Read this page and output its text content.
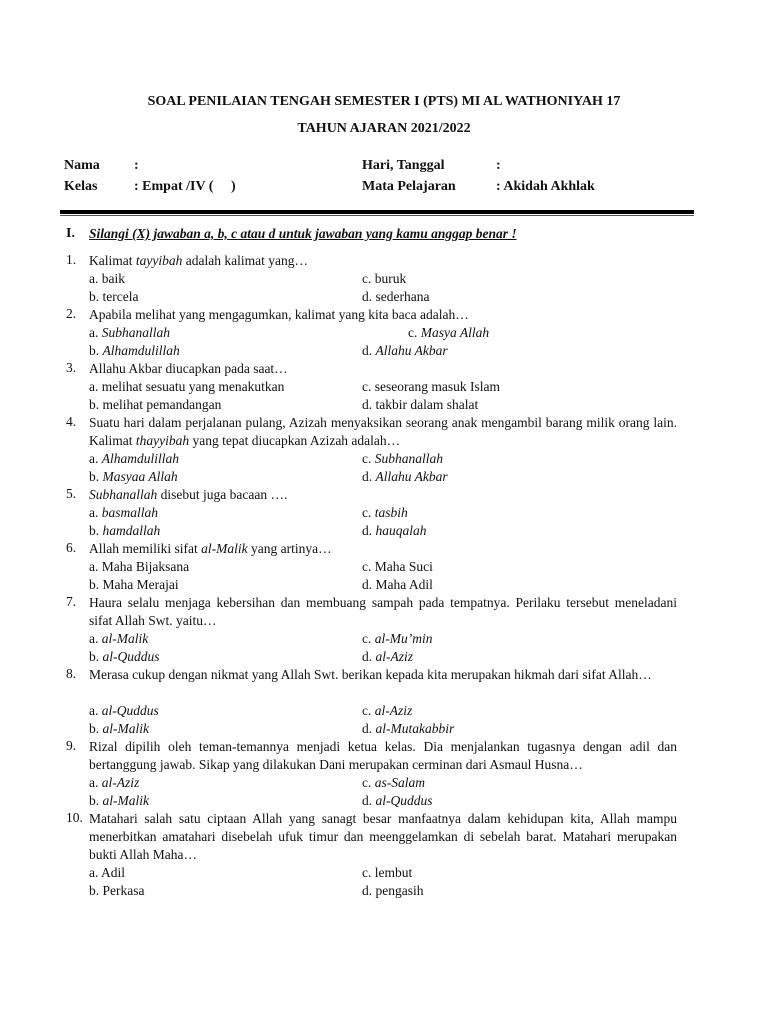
SOAL PENILAIAN TENGAH SEMESTER I (PTS) MI AL WATHONIYAH 17
TAHUN AJARAN 2021/2022
Nama :
Kelas	: Empat /IV (     )
Hari, Tanggal	:
Mata Pelajaran	: Akidah Akhlak
I. Silangi (X) jawaban a, b, c atau d untuk jawaban yang kamu anggap benar !
1. Kalimat tayyibah adalah kalimat yang…
a. baik	c. buruk
b. tercela	d. sederhana
2. Apabila melihat yang mengagumkan, kalimat yang kita baca adalah…
a. Subhanallah	c. Masya Allah
b. Alhamdulillah	d. Allahu Akbar
3. Allahu Akbar diucapkan pada saat…
a. melihat sesuatu yang menakutkan	c. seseorang masuk Islam
b. melihat pemandangan	d. takbir dalam shalat
4. Suatu hari dalam perjalanan pulang, Azizah menyaksikan seorang anak mengambil barang milik orang lain. Kalimat thayyibah yang tepat diucapkan Azizah adalah…
a. Alhamdulillah	c. Subhanallah
b. Masyaa Allah	d. Allahu Akbar
5. Subhanallah disebut juga bacaan ….
a. basmallah	c. tasbih
b. hamdallah	d. hauqalah
6. Allah memiliki sifat al-Malik yang artinya…
a. Maha Bijaksana	c. Maha Suci
b. Maha Merajai	d. Maha Adil
7. Haura selalu menjaga kebersihan dan membuang sampah pada tempatnya. Perilaku tersebut meneladani sifat Allah Swt. yaitu…
a. al-Malik	c. al-Mu’min
b. al-Quddus	d. al-Aziz
8. Merasa cukup dengan nikmat yang Allah Swt. berikan kepada kita merupakan hikmah dari sifat Allah…
a. al-Quddus	c. al-Aziz
b. al-Malik	d. al-Mutakabbir
9. Rizal dipilih oleh teman-temannya menjadi ketua kelas. Dia menjalankan tugasnya dengan adil dan bertanggung jawab. Sikap yang dilakukan Dani merupakan cerminan dari Asmaul Husna…
a. al-Aziz	c. as-Salam
b. al-Malik	d. al-Quddus
10. Matahari salah satu ciptaan Allah yang sanagt besar manfaatnya dalam kehidupan kita, Allah mampu menerbitkan amatahari disebelah ufuk timur dan meenggelamkan di sebelah barat. Matahari merupakan bukti Allah Maha…
a. Adil	c. lembut
b. Perkasa	d. pengasih
